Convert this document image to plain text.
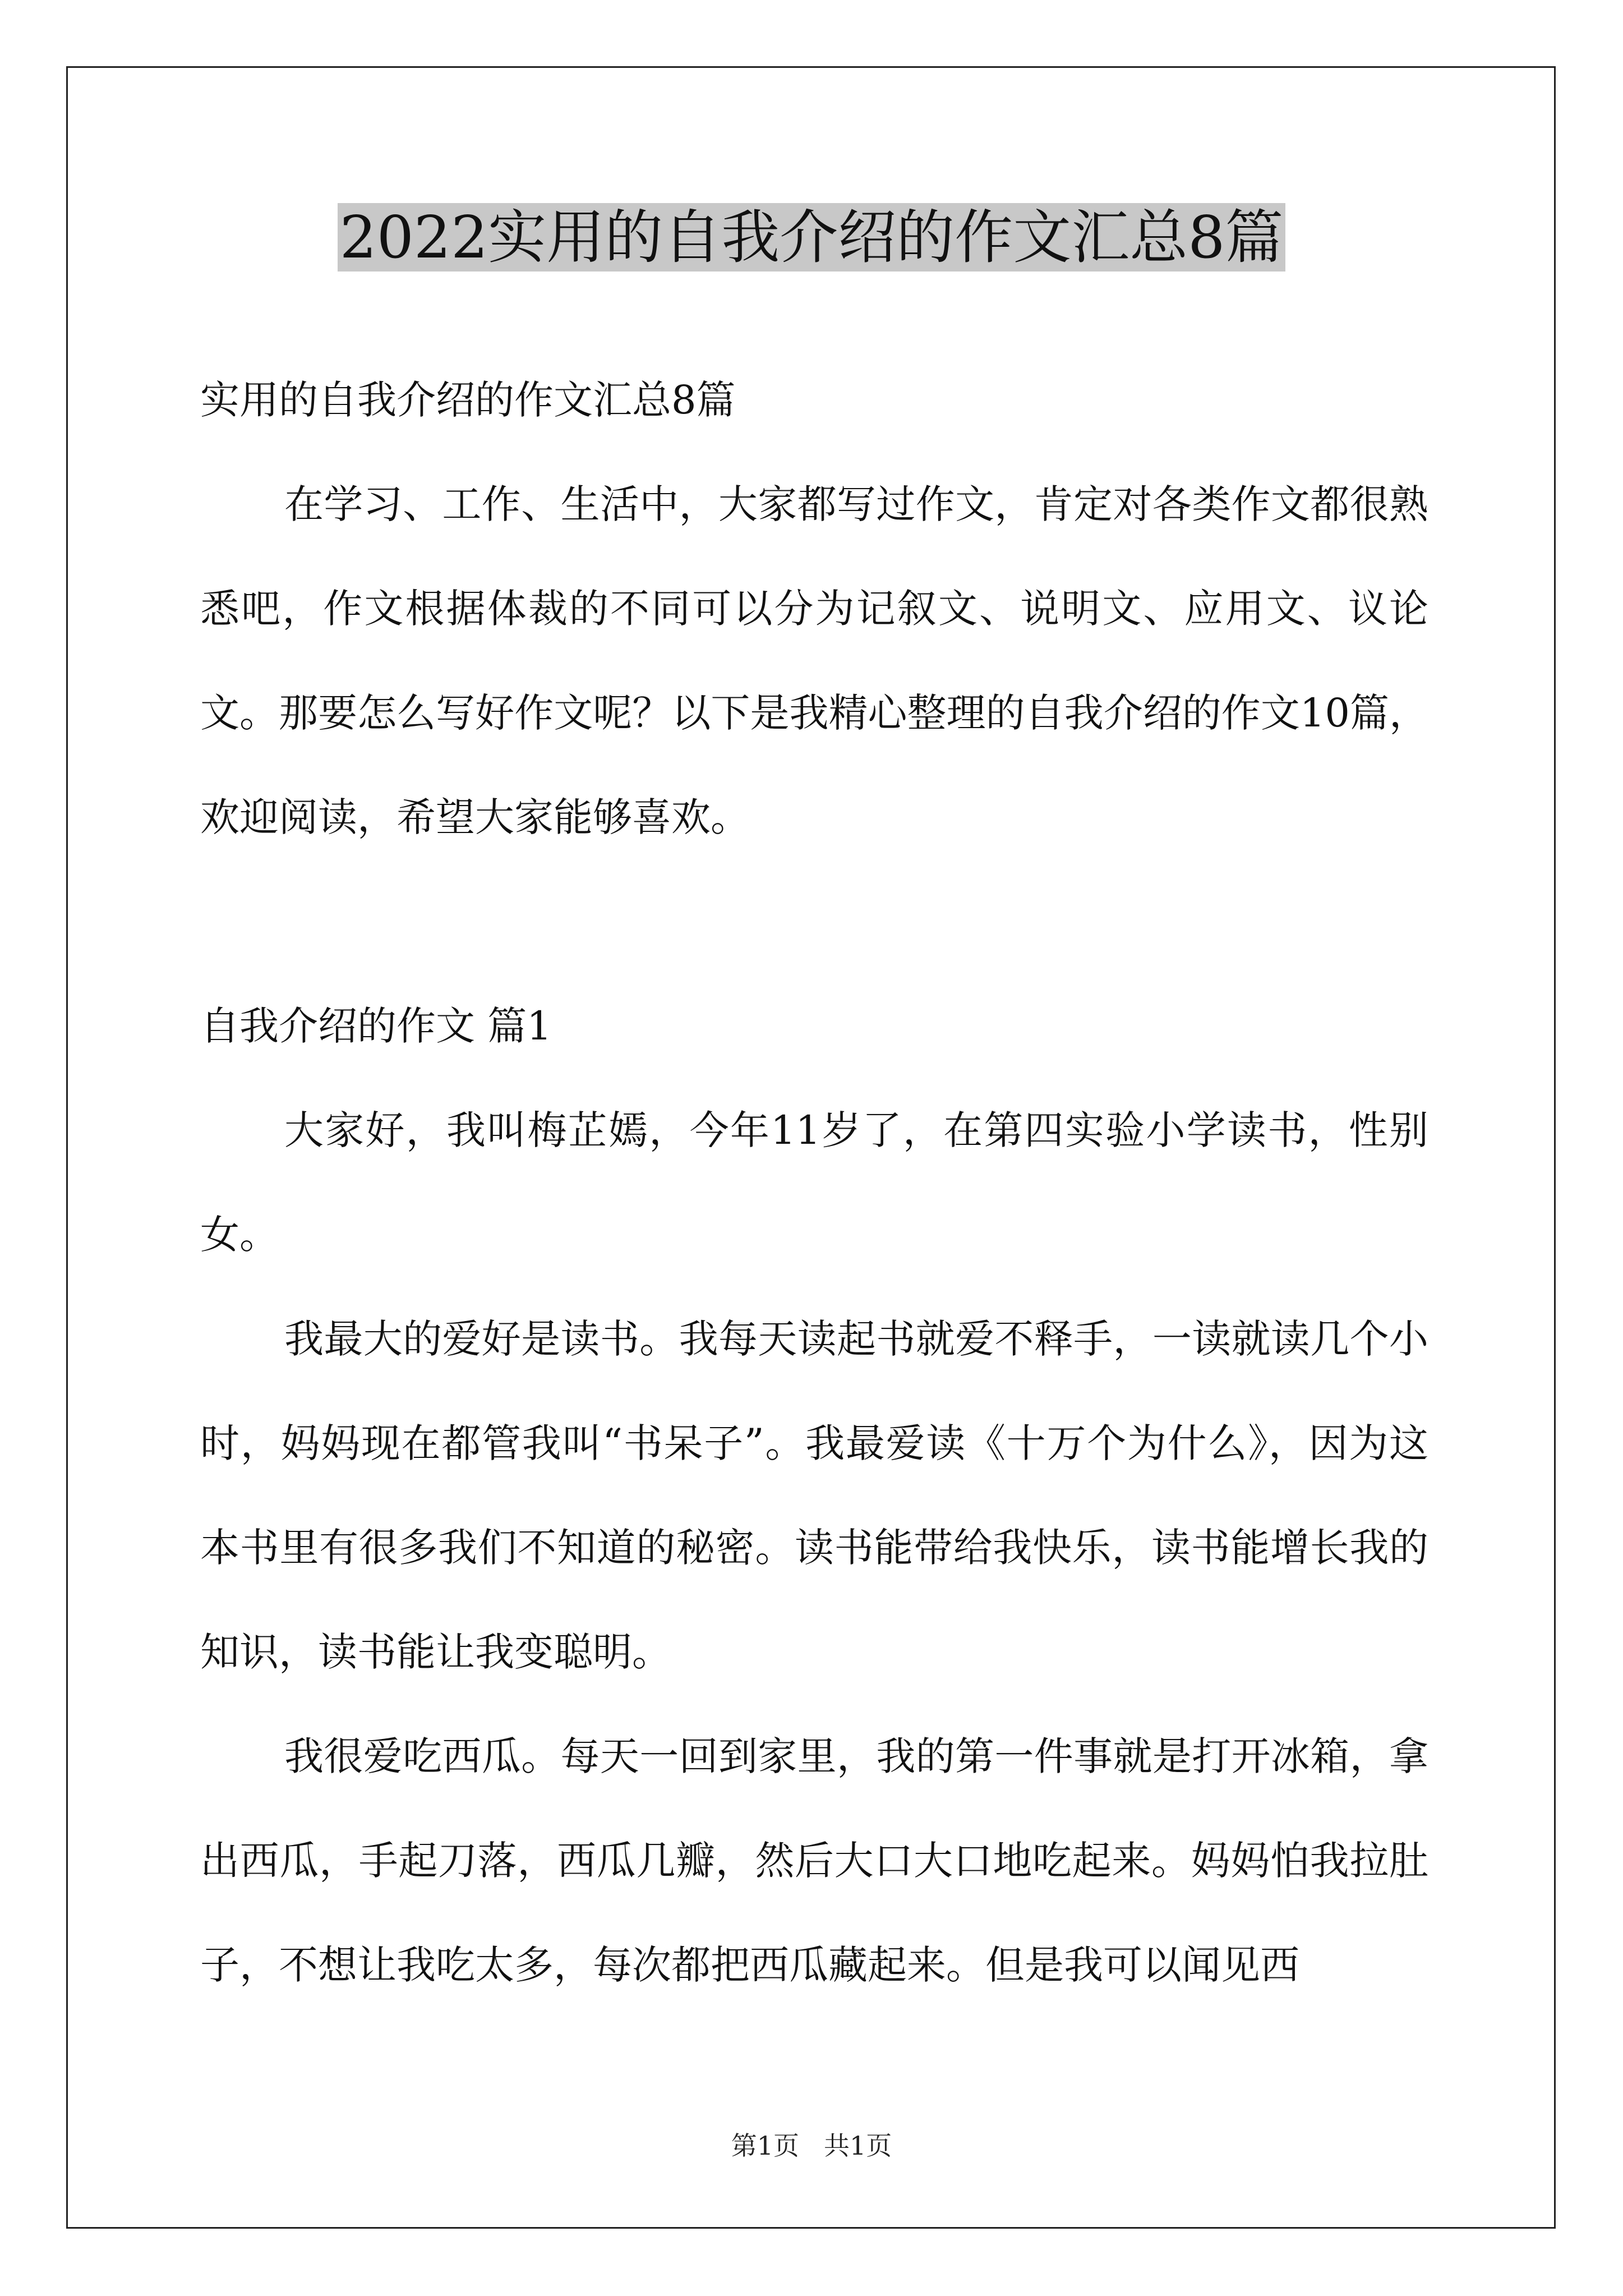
2022实用的自我介绍的作文汇总8篇

实用的自我介绍的作文汇总8篇

在学习、工作、生活中，大家都写过作文，肯定对各类作文都很熟悉吧，作文根据体裁的不同可以分为记叙文、说明文、应用文、议论文。那要怎么写好作文呢？以下是我精心整理的自我介绍的作文10篇，欢迎阅读，希望大家能够喜欢。

自我介绍的作文 篇1

大家好，我叫梅芷嫣，今年11岁了，在第四实验小学读书，性别女。

我最大的爱好是读书。我每天读起书就爱不释手，一读就读几个小时，妈妈现在都管我叫“书呆子”。我最爱读《十万个为什么》，因为这本书里有很多我们不知道的秘密。读书能带给我快乐，读书能增长我的知识，读书能让我变聪明。

我很爱吃西瓜。每天一回到家里，我的第一件事就是打开冰箱，拿出西瓜，手起刀落，西瓜几瓣，然后大口大口地吃起来。妈妈怕我拉肚子，不想让我吃太多，每次都把西瓜藏起来。但是我可以闻见西

第1页 共1页
